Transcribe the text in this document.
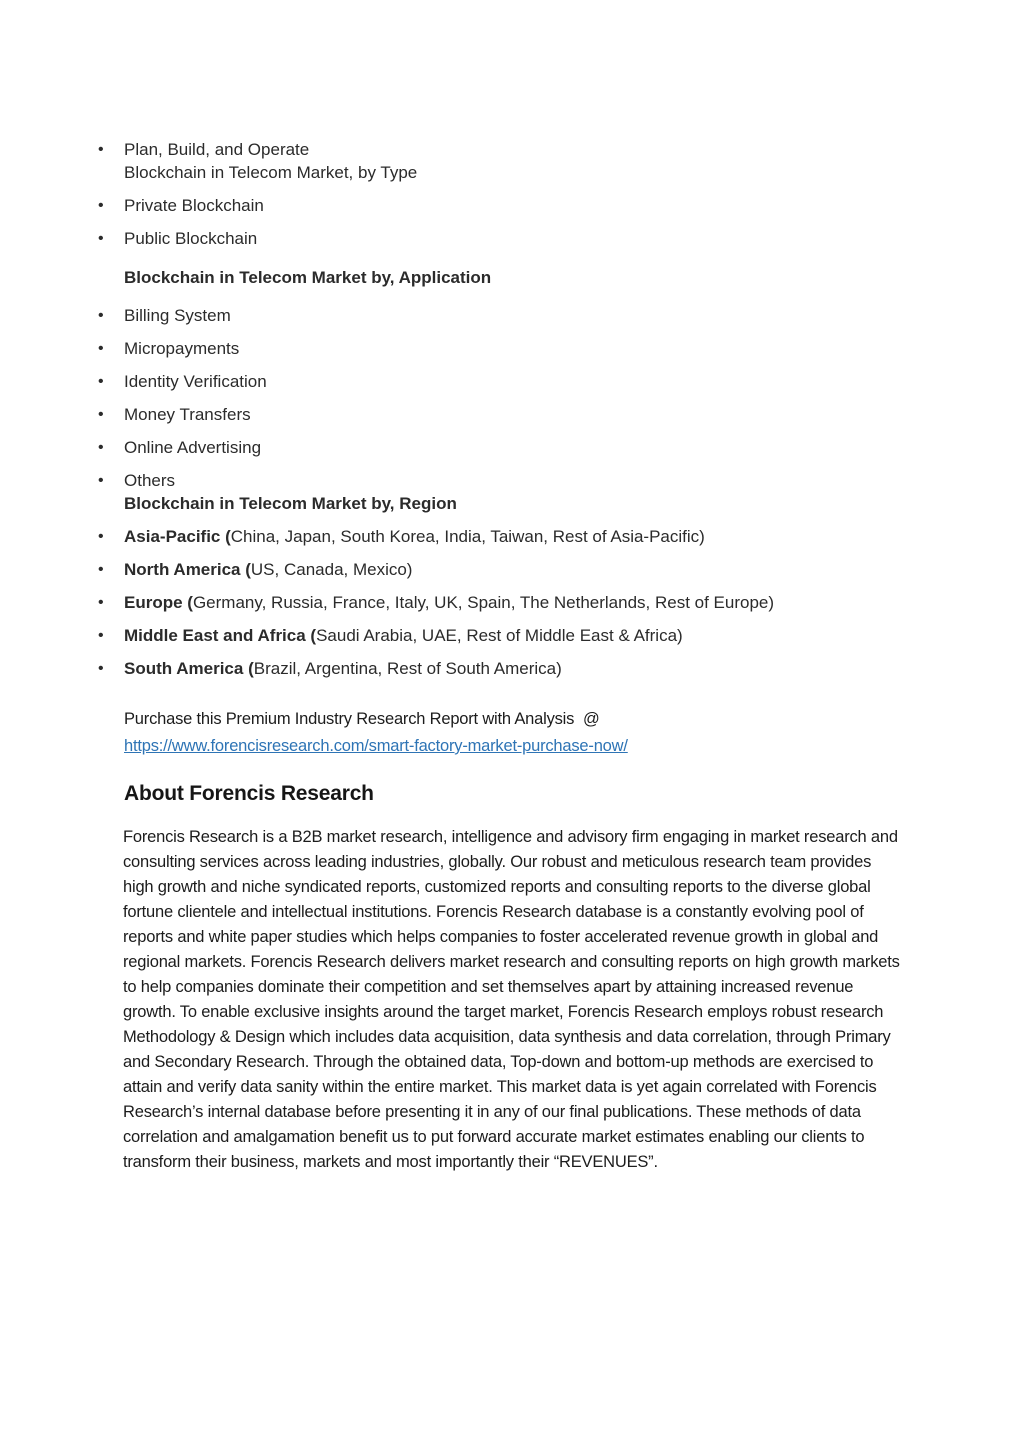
• Plan, Build, and Operate
Blockchain in Telecom Market, by Type
• Private Blockchain
• Public Blockchain
Blockchain in Telecom Market by, Application
• Billing System
• Micropayments
• Identity Verification
• Money Transfers
• Online Advertising
• Others
Blockchain in Telecom Market by, Region
• Asia-Pacific (China, Japan, South Korea, India, Taiwan, Rest of Asia-Pacific)
• North America (US, Canada, Mexico)
• Europe (Germany, Russia, France, Italy, UK, Spain, The Netherlands, Rest of Europe)
• Middle East and Africa (Saudi Arabia, UAE, Rest of Middle East & Africa)
• South America (Brazil, Argentina, Rest of South America)
Purchase this Premium Industry Research Report with Analysis  @
https://www.forencisresearch.com/smart-factory-market-purchase-now/
About Forencis Research

Forencis Research is a B2B market research, intelligence and advisory firm engaging in market research and consulting services across leading industries, globally. Our robust and meticulous research team provides high growth and niche syndicated reports, customized reports and consulting reports to the diverse global fortune clientele and intellectual institutions. Forencis Research database is a constantly evolving pool of reports and white paper studies which helps companies to foster accelerated revenue growth in global and regional markets. Forencis Research delivers market research and consulting reports on high growth markets to help companies dominate their competition and set themselves apart by attaining increased revenue growth. To enable exclusive insights around the target market, Forencis Research employs robust research Methodology & Design which includes data acquisition, data synthesis and data correlation, through Primary and Secondary Research. Through the obtained data, Top-down and bottom-up methods are exercised to attain and verify data sanity within the entire market. This market data is yet again correlated with Forencis Research’s internal database before presenting it in any of our final publications. These methods of data correlation and amalgamation benefit us to put forward accurate market estimates enabling our clients to transform their business, markets and most importantly their “REVENUES”.
